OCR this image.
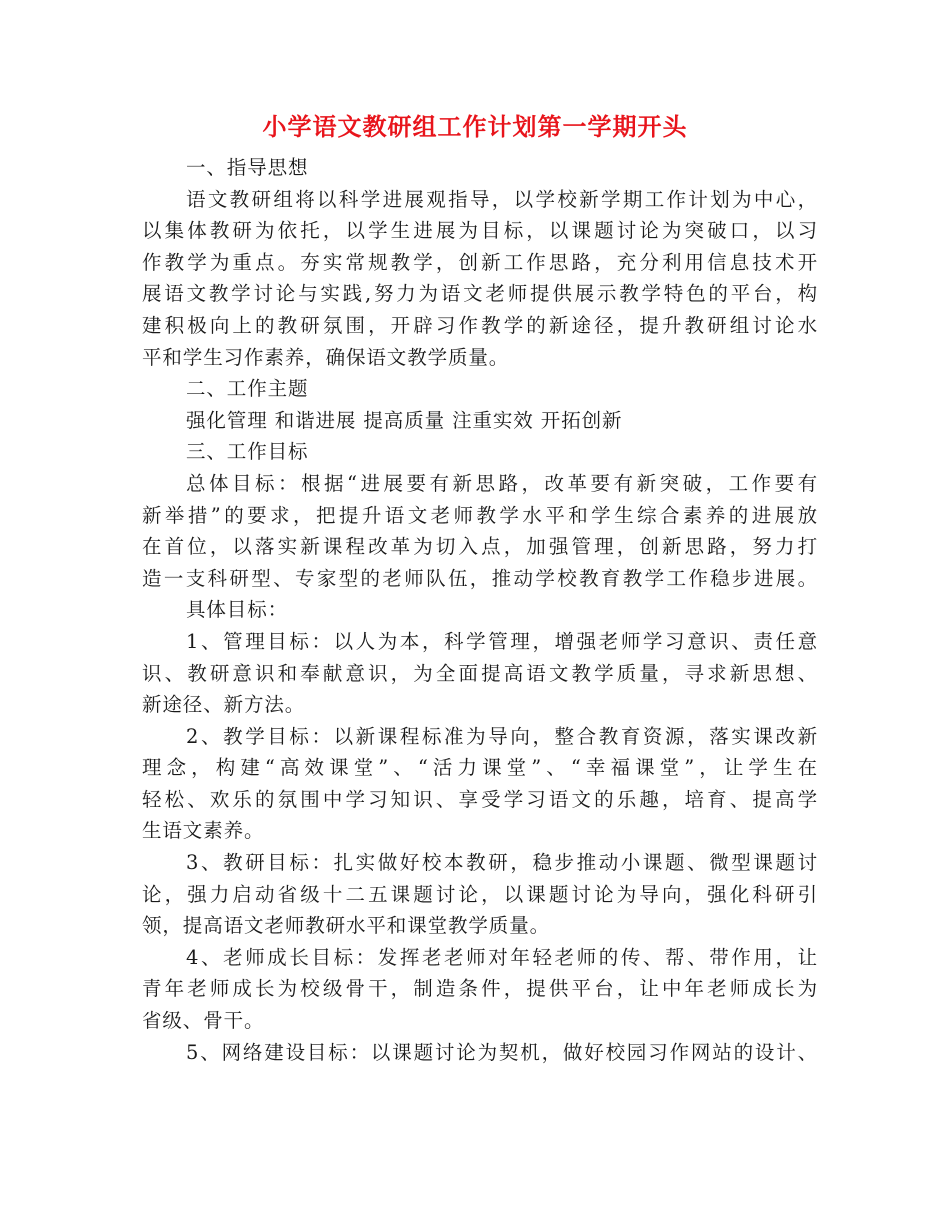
小学语文教研组工作计划第一学期开头
一、指导思想
语文教研组将以科学进展观指导，以学校新学期工作计划为中心，
以集体教研为依托，以学生进展为目标，以课题讨论为突破口，以习
作教学为重点。夯实常规教学，创新工作思路，充分利用信息技术开
展语文教学讨论与实践,努力为语文老师提供展示教学特色的平台，构
建积极向上的教研氛围，开辟习作教学的新途径，提升教研组讨论水
平和学生习作素养，确保语文教学质量。
二、工作主题
强化管理 和谐进展 提高质量 注重实效 开拓创新
三、工作目标
总体目标：根据“进展要有新思路，改革要有新突破，工作要有
新举措”的要求，把提升语文老师教学水平和学生综合素养的进展放
在首位，以落实新课程改革为切入点，加强管理，创新思路，努力打
造一支科研型、专家型的老师队伍，推动学校教育教学工作稳步进展。
具体目标：
1、管理目标：以人为本，科学管理，增强老师学习意识、责任意
识、教研意识和奉献意识，为全面提高语文教学质量，寻求新思想、
新途径、新方法。
2、教学目标：以新课程标准为导向，整合教育资源，落实课改新
理念，构建“高效课堂”、“活力课堂”、“幸福课堂”，让学生在
轻松、欢乐的氛围中学习知识、享受学习语文的乐趣，培育、提高学
生语文素养。
3、教研目标：扎实做好校本教研，稳步推动小课题、微型课题讨
论，强力启动省级十二五课题讨论，以课题讨论为导向，强化科研引
领，提高语文老师教研水平和课堂教学质量。
4、老师成长目标：发挥老老师对年轻老师的传、帮、带作用，让
青年老师成长为校级骨干，制造条件，提供平台，让中年老师成长为
省级、骨干。
5、网络建设目标：以课题讨论为契机，做好校园习作网站的设计、
